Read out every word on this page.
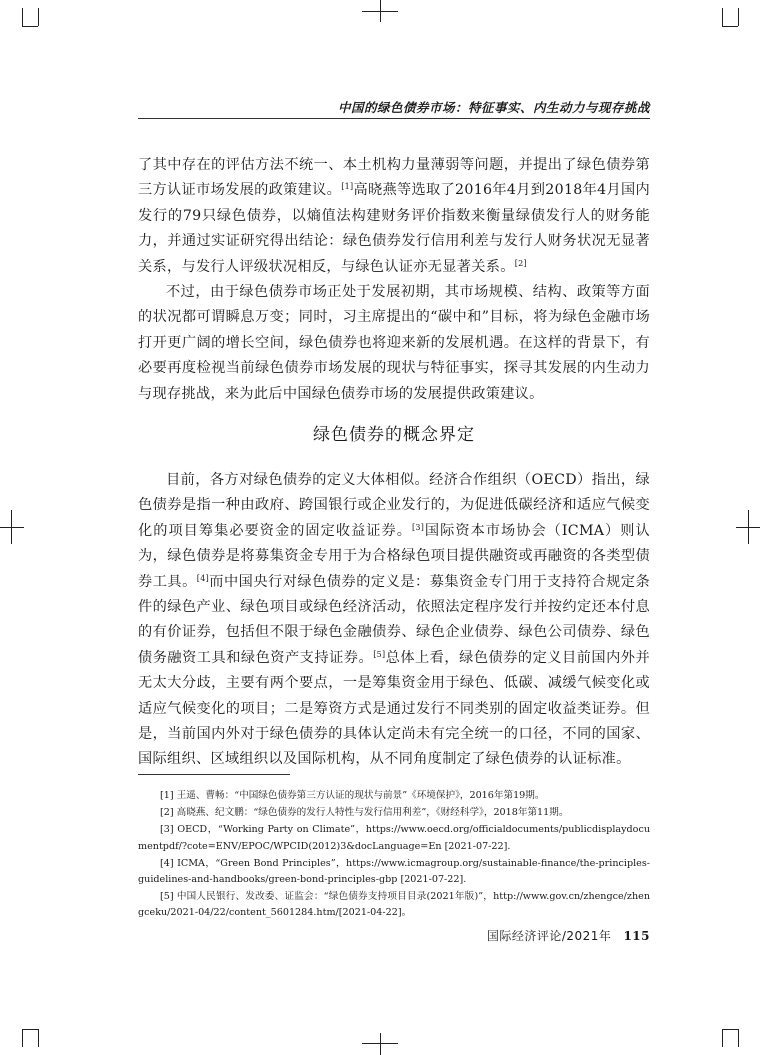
中国的绿色债券市场：特征事实、内生动力与现存挑战

了其中存在的评估方法不统一、本土机构力量薄弱等问题，并提出了绿色债券第三方认证市场发展的政策建议。[1]高晓燕等选取了2016年4月到2018年4月国内发行的79只绿色债券，以熵值法构建财务评价指数来衡量绿债发行人的财务能力，并通过实证研究得出结论：绿色债券发行信用利差与发行人财务状况无显著关系，与发行人评级状况相反，与绿色认证亦无显著关系。[2]

不过，由于绿色债券市场正处于发展初期，其市场规模、结构、政策等方面的状况都可谓瞬息万变；同时，习主席提出的“碳中和”目标，将为绿色金融市场打开更广阔的增长空间，绿色债券也将迎来新的发展机遇。在这样的背景下，有必要再度检视当前绿色债券市场发展的现状与特征事实，探寻其发展的内生动力与现存挑战，来为此后中国绿色债券市场的发展提供政策建议。

绿色债券的概念界定

目前，各方对绿色债券的定义大体相似。经济合作组织（OECD）指出，绿色债券是指一种由政府、跨国银行或企业发行的，为促进低碳经济和适应气候变化的项目筹集必要资金的固定收益证券。[3]国际资本市场协会（ICMA）则认为，绿色债券是将募集资金专用于为合格绿色项目提供融资或再融资的各类型债券工具。[4]而中国央行对绿色债券的定义是：募集资金专门用于支持符合规定条件的绿色产业、绿色项目或绿色经济活动，依照法定程序发行并按约定还本付息的有价证券，包括但不限于绿色金融债券、绿色企业债券、绿色公司债券、绿色债务融资工具和绿色资产支持证券。[5]总体上看，绿色债券的定义目前国内外并无太大分歧，主要有两个要点，一是筹集资金用于绿色、低碳、减缓气候变化或适应气候变化的项目；二是筹资方式是通过发行不同类别的固定收益类证券。但是，当前国内外对于绿色债券的具体认定尚未有完全统一的口径，不同的国家、国际组织、区域组织以及国际机构，从不同角度制定了绿色债券的认证标准。

[1] 王遥、曹畅：“中国绿色债券第三方认证的现状与前景”《环境保护》，2016年第19期。

[2] 高晓燕、纪文鹏：“绿色债券的发行人特性与发行信用利差”，《财经科学》，2018年第11期。

[3] OECD，“Working Party on Climate”，https://www.oecd.org/officialdocuments/publicdisplaydocumentpdf/?cote=ENV/EPOC/WPCID(2012)3&docLanguage=En [2021-07-22].

[4] ICMA，“Green Bond Principles”，https://www.icmagroup.org/sustainable-finance/the-principles-guidelines-and-handbooks/green-bond-principles-gbp [2021-07-22].

[5] 中国人民银行、发改委、证监会：“绿色债券支持项目目录(2021年版)”，http://www.gov.cn/zhengce/zhengceku/2021-04/22/content_5601284.htm/[2021-04-22]。

国际经济评论/2021年 115
